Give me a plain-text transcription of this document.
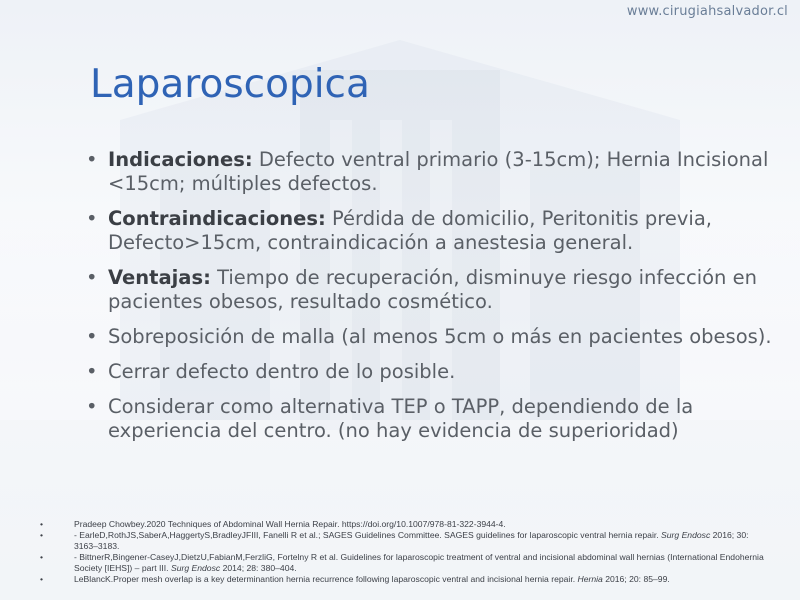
www.cirugiahsalvador.cl
Laparoscopica
• Indicaciones: Defecto ventral primario (3-15cm); Hernia Incisional <15cm; múltiples defectos.
• Contraindicaciones: Pérdida de domicilio, Peritonitis previa, Defecto>15cm, contraindicación a anestesia general.
• Ventajas: Tiempo de recuperación, disminuye riesgo infección en pacientes obesos, resultado cosmético.
• Sobreposición de malla (al menos 5cm o más en pacientes obesos).
• Cerrar defecto dentro de lo posible.
• Considerar como alternativa TEP o TAPP, dependiendo de la experiencia del centro. (no hay evidencia de superioridad)
•	Pradeep Chowbey.2020 Techniques of Abdominal Wall Hernia Repair. https://doi.org/10.1007/978-81-322-3944-4.
•	- EarleD,RothJS,SaberA,HaggertyS,BradleyJFIII, Fanelli R et al.; SAGES Guidelines Committee. SAGES guidelines for laparoscopic ventral hernia repair. Surg Endosc 2016; 30: 3163–3183.
•	- BittnerR,Bingener-CaseyJ,DietzU,FabianM,FerzliG, Fortelny R et al. Guidelines for laparoscopic treatment of ventral and incisional abdominal wall hernias (International Endohernia Society [IEHS]) – part III. Surg Endosc 2014; 28: 380–404.
•	LeBlancK.Proper mesh overlap is a key determinantion hernia recurrence following laparoscopic ventral and incisional hernia repair. Hernia 2016; 20: 85–99.
